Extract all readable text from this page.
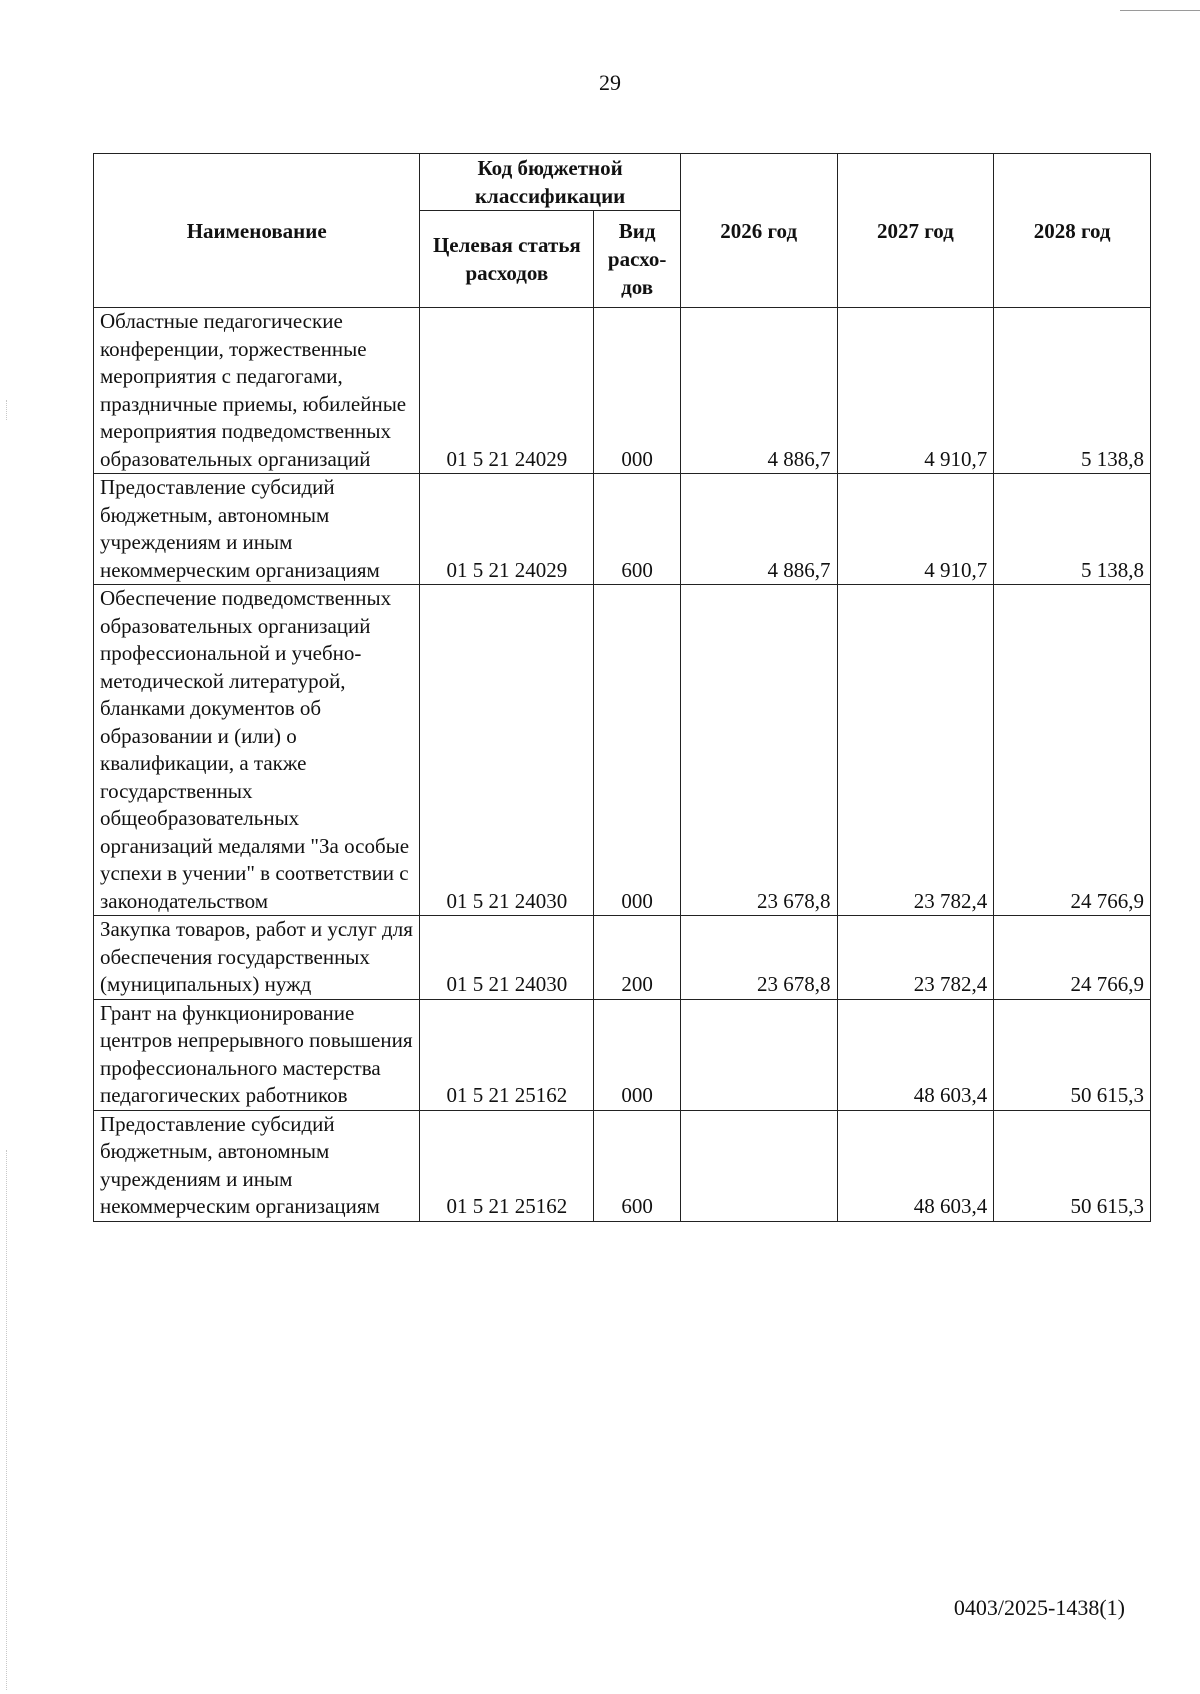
29
Наименование	Код бюджетной классификации		2026 год	2027 год	2028 год
	Целевая статья расходов	Вид расхо-дов			
Областные педагогические конференции, торжественные мероприятия с педагогами, праздничные приемы, юбилейные мероприятия подведомственных образовательных организаций	01 5 21 24029	000	4 886,7	4 910,7	5 138,8
Предоставление субсидий бюджетным, автономным учреждениям и иным некоммерческим организациям	01 5 21 24029	600	4 886,7	4 910,7	5 138,8
Обеспечение подведомственных образовательных организаций профессиональной и учебно-методической литературой, бланками документов об образовании и (или) о квалификации, а также государственных общеобразовательных организаций медалями "За особые успехи в учении" в соответствии с законодательством	01 5 21 24030	000	23 678,8	23 782,4	24 766,9
Закупка товаров, работ и услуг для обеспечения государственных (муниципальных) нужд	01 5 21 24030	200	23 678,8	23 782,4	24 766,9
Грант на функционирование центров непрерывного повышения профессионального мастерства педагогических работников	01 5 21 25162	000		48 603,4	50 615,3
Предоставление субсидий бюджетным, автономным учреждениям и иным некоммерческим организациям	01 5 21 25162	600		48 603,4	50 615,3
0403/2025-1438(1)
